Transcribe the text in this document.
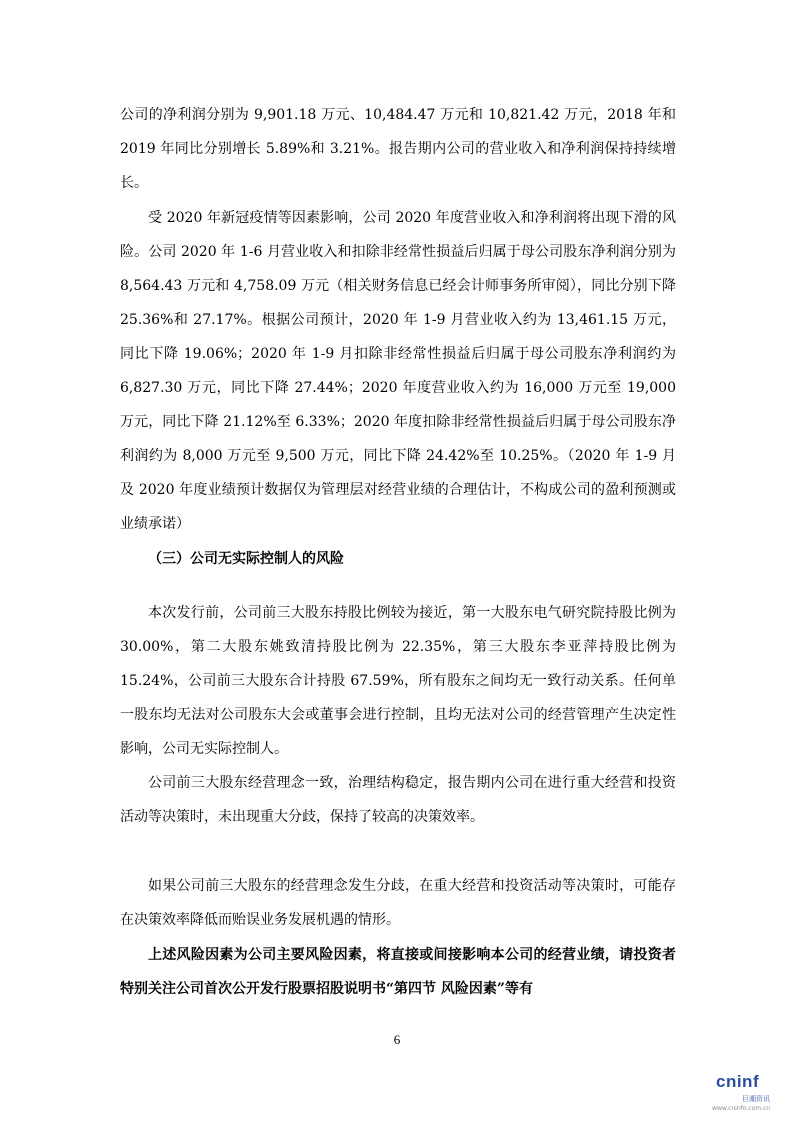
公司的净利润分别为 9,901.18 万元、10,484.47 万元和 10,821.42 万元，2018 年和 2019 年同比分别增长 5.89%和 3.21%。报告期内公司的营业收入和净利润保持持续增长。

受 2020 年新冠疫情等因素影响，公司 2020 年度营业收入和净利润将出现下滑的风险。公司 2020 年 1-6 月营业收入和扣除非经常性损益后归属于母公司股东净利润分别为 8,564.43 万元和 4,758.09 万元（相关财务信息已经会计师事务所审阅），同比分别下降 25.36%和 27.17%。根据公司预计，2020 年 1-9 月营业收入约为 13,461.15 万元，同比下降 19.06%；2020 年 1-9 月扣除非经常性损益后归属于母公司股东净利润约为 6,827.30 万元，同比下降 27.44%；2020 年度营业收入约为 16,000 万元至 19,000 万元，同比下降 21.12%至 6.33%；2020 年度扣除非经常性损益后归属于母公司股东净利润约为 8,000 万元至 9,500 万元，同比下降 24.42%至 10.25%。（2020 年 1-9 月及 2020 年度业绩预计数据仅为管理层对经营业绩的合理估计，不构成公司的盈利预测或业绩承诺）

（三）公司无实际控制人的风险

本次发行前，公司前三大股东持股比例较为接近，第一大股东电气研究院持股比例为 30.00%，第二大股东姚致清持股比例为 22.35%，第三大股东李亚萍持股比例为 15.24%，公司前三大股东合计持股 67.59%，所有股东之间均无一致行动关系。任何单一股东均无法对公司股东大会或董事会进行控制，且均无法对公司的经营管理产生决定性影响，公司无实际控制人。

公司前三大股东经营理念一致，治理结构稳定，报告期内公司在进行重大经营和投资活动等决策时，未出现重大分歧，保持了较高的决策效率。

如果公司前三大股东的经营理念发生分歧，在重大经营和投资活动等决策时，可能存在决策效率降低而贻误业务发展机遇的情形。

上述风险因素为公司主要风险因素，将直接或间接影响本公司的经营业绩，请投资者特别关注公司首次公开发行股票招股说明书“第四节 风险因素”等有

6
cninf
巨潮资讯
www.cninfo.com.cn
